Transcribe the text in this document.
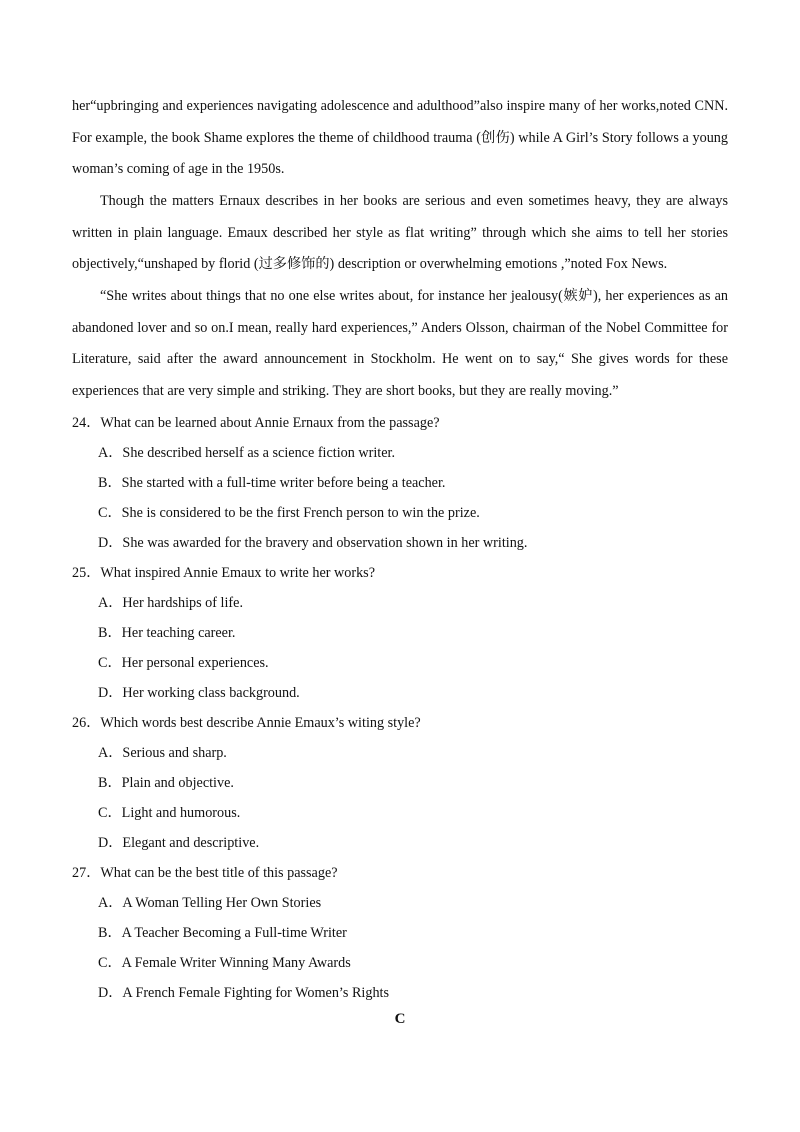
her“upbringing and experiences navigating adolescence and adulthood”also inspire many of her works,noted CNN.
For example, the book Shame explores the theme of childhood trauma (创伤) while A Girl’s Story follows a young
woman’s coming of age in the 1950s.
Though the matters Ernaux describes in her books are serious and even sometimes heavy, they are always
written in plain language. Emaux described her style as flat writing” through which she aims to tell her stories
objectively,“unshaped by florid (过多修饰的) description or overwhelming emotions ,”noted Fox News.
“She writes about things that no one else writes about, for instance her jealousy(嫉妒), her experiences as an
abandoned lover and so on.I mean, really hard experiences,” Anders Olsson, chairman of the Nobel Committee for
Literature, said after the award announcement in Stockholm. He went on to say,“ She gives words for these
experiences that are very simple and striking. They are short books, but they are really moving.”
24．What can be learned about Annie Ernaux from the passage?
A．She described herself as a science fiction writer.
B．She started with a full-time writer before being a teacher.
C．She is considered to be the first French person to win the prize.
D．She was awarded for the bravery and observation shown in her writing.
25．What inspired Annie Emaux to write her works?
A．Her hardships of life.
B．Her teaching career.
C．Her personal experiences.
D．Her working class background.
26．Which words best describe Annie Emaux’s witing style?
A．Serious and sharp.
B．Plain and objective.
C．Light and humorous.
D．Elegant and descriptive.
27．What can be the best title of this passage?
A．A Woman Telling Her Own Stories
B．A Teacher Becoming a Full-time Writer
C．A Female Writer Winning Many Awards
D．A French Female Fighting for Women’s Rights
C
